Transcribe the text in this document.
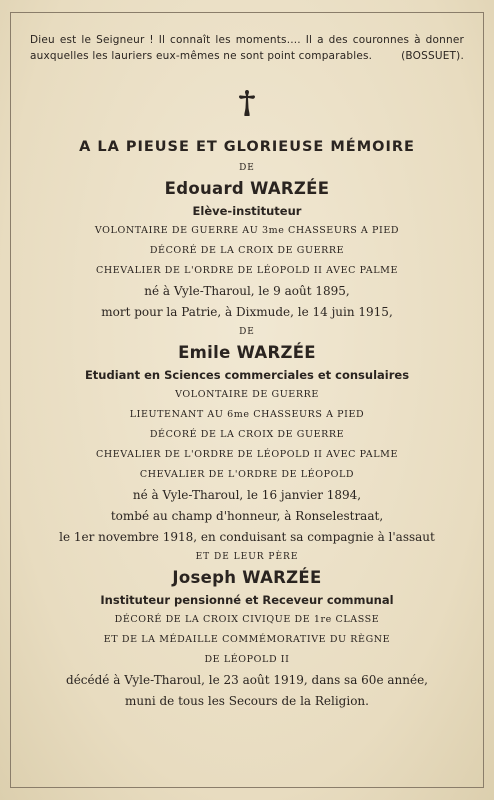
Dieu est le Seigneur ! Il connaît les moments.... Il a des couronnes à donner auxquelles les lauriers eux-mêmes ne sont point comparables.	(BOSSUET).
A LA PIEUSE ET GLORIEUSE MÉMOIRE
DE
Edouard WARZÉE
Elève-instituteur
VOLONTAIRE DE GUERRE AU 3me CHASSEURS A PIED
DÉCORÉ DE LA CROIX DE GUERRE
CHEVALIER DE L'ORDRE DE LÉOPOLD II AVEC PALME
né à Vyle-Tharoul, le 9 août 1895,
mort pour la Patrie, à Dixmude, le 14 juin 1915,
DE
Emile WARZÉE
Etudiant en Sciences commerciales et consulaires
VOLONTAIRE DE GUERRE
LIEUTENANT AU 6me CHASSEURS A PIED
DÉCORÉ DE LA CROIX DE GUERRE
CHEVALIER DE L'ORDRE DE LÉOPOLD II AVEC PALME
CHEVALIER DE L'ORDRE DE LÉOPOLD
né à Vyle-Tharoul, le 16 janvier 1894,
tombé au champ d'honneur, à Ronselestraat,
le 1er novembre 1918, en conduisant sa compagnie à l'assaut
ET DE LEUR PÈRE
Joseph WARZÉE
Instituteur pensionné et Receveur communal
DÉCORÉ DE LA CROIX CIVIQUE DE 1re CLASSE
ET DE LA MÉDAILLE COMMÉMORATIVE DU RÈGNE
DE LÉOPOLD II
décédé à Vyle-Tharoul, le 23 août 1919, dans sa 60e année,
muni de tous les Secours de la Religion.
